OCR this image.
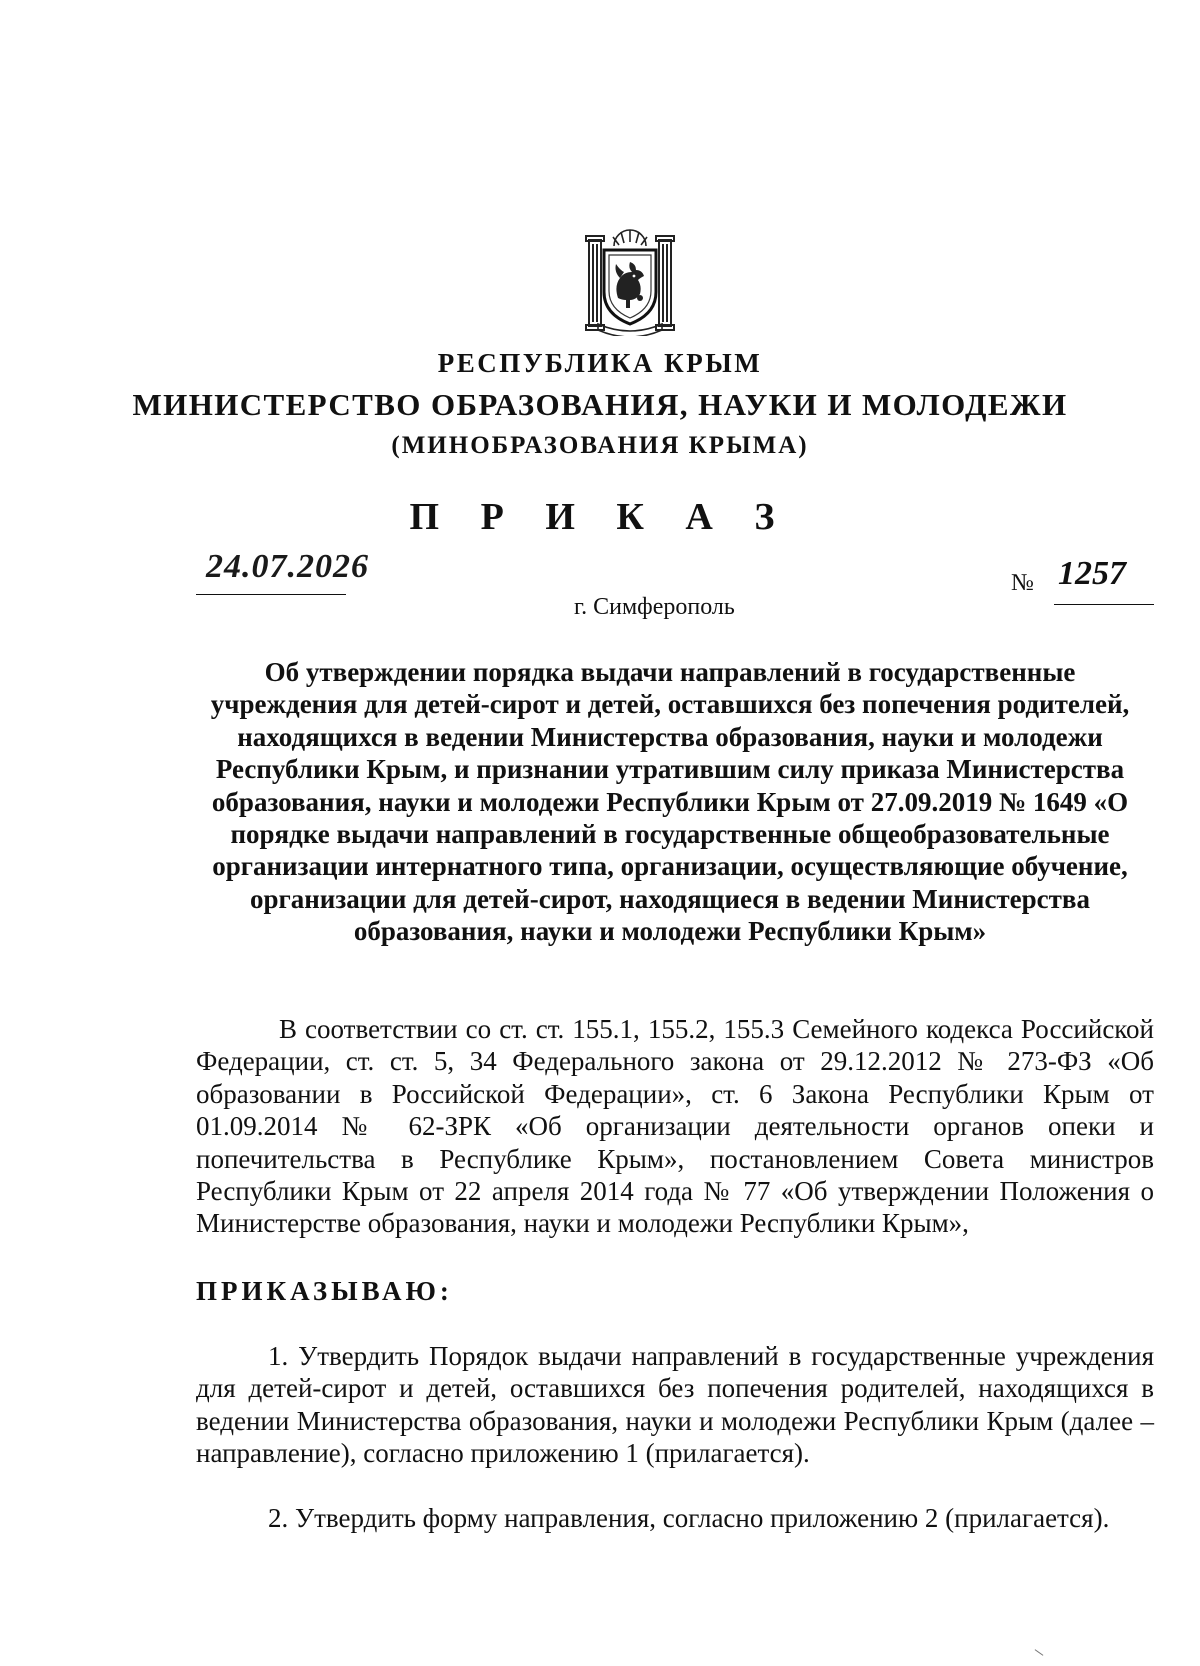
РЕСПУБЛИКА КРЫМ
МИНИСТЕРСТВО ОБРАЗОВАНИЯ, НАУКИ И МОЛОДЕЖИ
(МИНОБРАЗОВАНИЯ КРЫМА)
П Р И К А З
24.07.2026	№ 1257
г. Симферополь
Об утверждении порядка выдачи направлений в государственные учреждения для детей-сирот и детей, оставшихся без попечения родителей, находящихся в ведении Министерства образования, науки и молодежи Республики Крым, и признании утратившим силу приказа Министерства образования, науки и молодежи Республики Крым от 27.09.2019 № 1649 «О порядке выдачи направлений в государственные общеобразовательные организации интернатного типа, организации, осуществляющие обучение, организации для детей-сирот, находящиеся в ведении Министерства образования, науки и молодежи Республики Крым»
В соответствии со ст. ст. 155.1, 155.2, 155.3 Семейного кодекса Российской Федерации, ст. ст. 5, 34 Федерального закона от 29.12.2012 № 273-ФЗ «Об образовании в Российской Федерации», ст. 6 Закона Республики Крым от 01.09.2014 № 62-ЗРК «Об организации деятельности органов опеки и попечительства в Республике Крым», постановлением Совета министров Республики Крым от 22 апреля 2014 года № 77 «Об утверждении Положения о Министерстве образования, науки и молодежи Республики Крым»,
ПРИКАЗЫВАЮ:
1. Утвердить Порядок выдачи направлений в государственные учреждения для детей-сирот и детей, оставшихся без попечения родителей, находящихся в ведении Министерства образования, науки и молодежи Республики Крым (далее – направление), согласно приложению 1 (прилагается).
2. Утвердить форму направления, согласно приложению 2 (прилагается).
